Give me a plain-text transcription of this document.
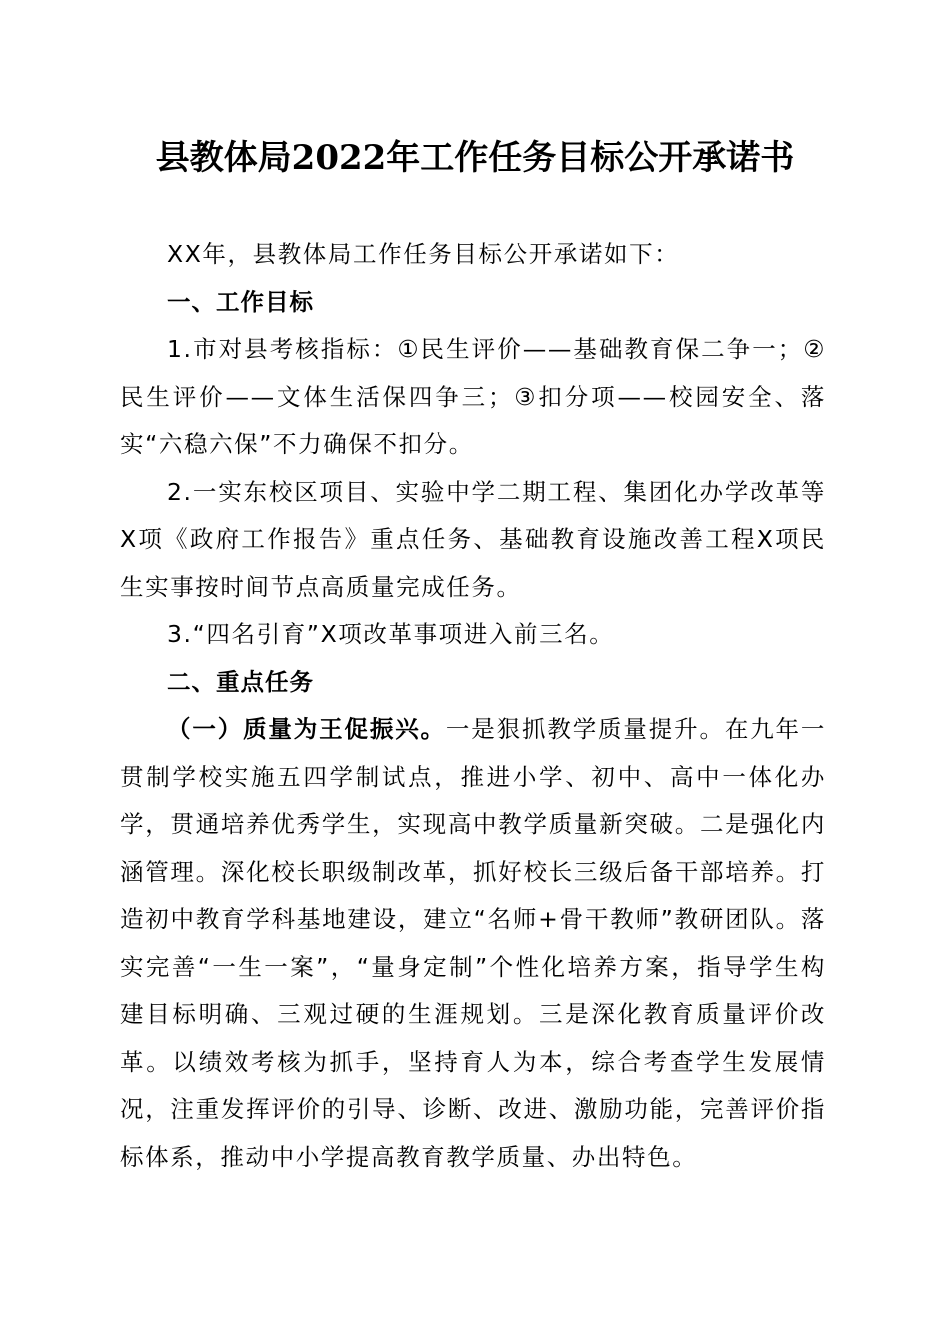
县教体局2022年工作任务目标公开承诺书

XX年，县教体局工作任务目标公开承诺如下：

一、工作目标

1.市对县考核指标：①民生评价——基础教育保二争一；②民生评价——文体生活保四争三；③扣分项——校园安全、落实“六稳六保”不力确保不扣分。

2.一实东校区项目、实验中学二期工程、集团化办学改革等X项《政府工作报告》重点任务、基础教育设施改善工程X项民生实事按时间节点高质量完成任务。

3.“四名引育”X项改革事项进入前三名。

二、重点任务

（一）质量为王促振兴。一是狠抓教学质量提升。在九年一贯制学校实施五四学制试点，推进小学、初中、高中一体化办学，贯通培养优秀学生，实现高中教学质量新突破。二是强化内涵管理。深化校长职级制改革，抓好校长三级后备干部培养。打造初中教育学科基地建设，建立“名师+骨干教师”教研团队。落实完善“一生一案”，“量身定制”个性化培养方案，指导学生构建目标明确、三观过硬的生涯规划。三是深化教育质量评价改革。以绩效考核为抓手，坚持育人为本，综合考查学生发展情况，注重发挥评价的引导、诊断、改进、激励功能，完善评价指标体系，推动中小学提高教育教学质量、办出特色。
